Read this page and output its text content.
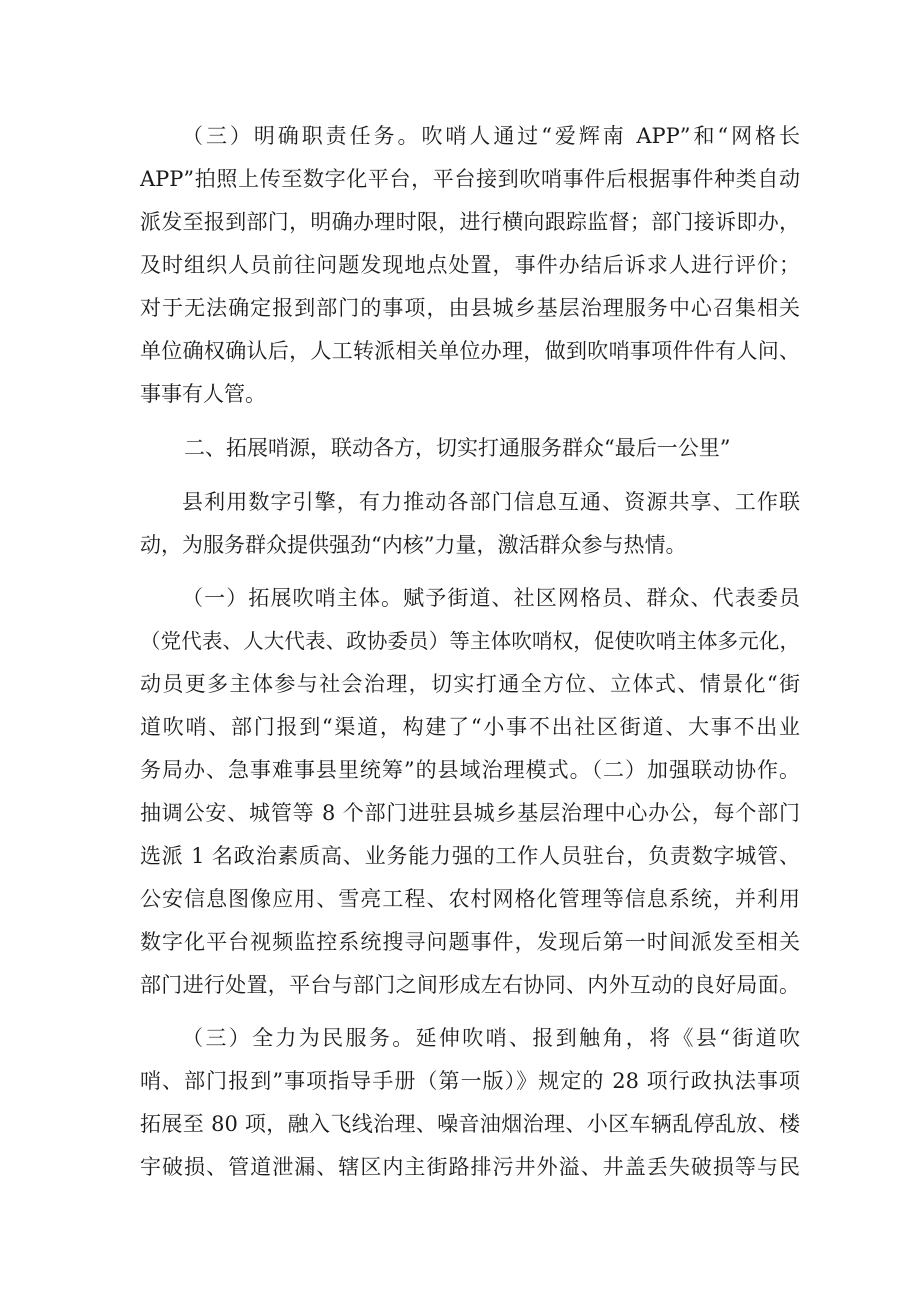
（三）明确职责任务。吹哨人通过“爱辉南 APP”和“网格长
APP”拍照上传至数字化平台，平台接到吹哨事件后根据事件种类自动
派发至报到部门，明确办理时限，进行横向跟踪监督；部门接诉即办，
及时组织人员前往问题发现地点处置，事件办结后诉求人进行评价；
对于无法确定报到部门的事项，由县城乡基层治理服务中心召集相关
单位确权确认后，人工转派相关单位办理，做到吹哨事项件件有人问、
事事有人管。
二、拓展哨源，联动各方，切实打通服务群众“最后一公里”
县利用数字引擎，有力推动各部门信息互通、资源共享、工作联
动，为服务群众提供强劲“内核”力量，激活群众参与热情。
（一）拓展吹哨主体。赋予街道、社区网格员、群众、代表委员
（党代表、人大代表、政协委员）等主体吹哨权，促使吹哨主体多元化，
动员更多主体参与社会治理，切实打通全方位、立体式、情景化“街
道吹哨、部门报到“渠道，构建了“小事不出社区街道、大事不出业
务局办、急事难事县里统筹”的县域治理模式。（二）加强联动协作。
抽调公安、城管等 8 个部门进驻县城乡基层治理中心办公，每个部门
选派 1 名政治素质高、业务能力强的工作人员驻台，负责数字城管、
公安信息图像应用、雪亮工程、农村网格化管理等信息系统，并利用
数字化平台视频监控系统搜寻问题事件，发现后第一时间派发至相关
部门进行处置，平台与部门之间形成左右协同、内外互动的良好局面。
（三）全力为民服务。延伸吹哨、报到触角，将《县“街道吹
哨、部门报到”事项指导手册（第一版）》规定的 28 项行政执法事项
拓展至 80 项，融入飞线治理、噪音油烟治理、小区车辆乱停乱放、楼
宇破损、管道泄漏、辖区内主街路排污井外溢、井盖丢失破损等与民
